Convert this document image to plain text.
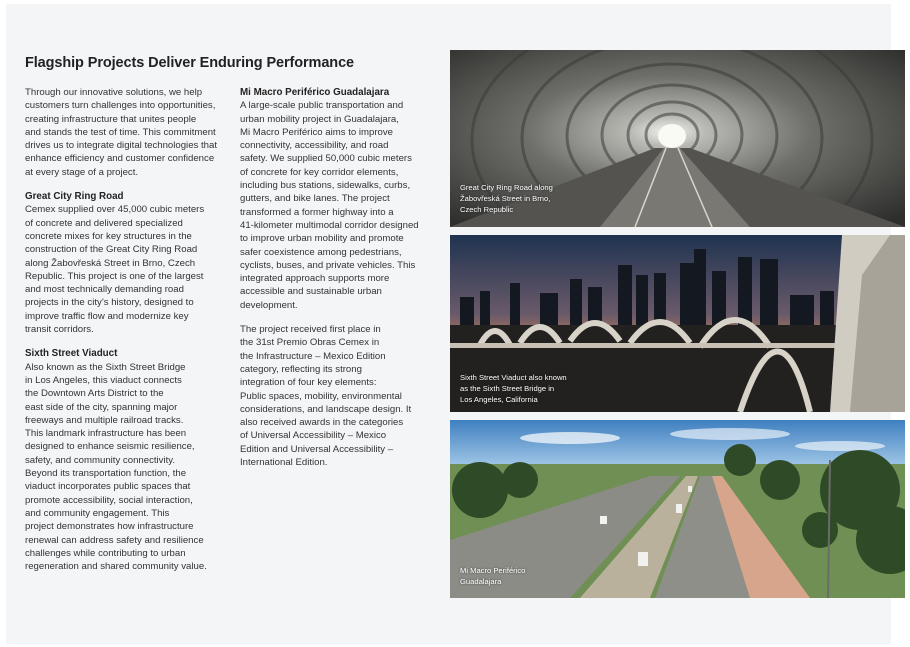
Flagship Projects Deliver Enduring Performance

Through our innovative solutions, we help
customers turn challenges into opportunities,
creating infrastructure that unites people
and stands the test of time. This commitment
drives us to integrate digital technologies that
enhance efficiency and customer confidence
at every stage of a project.

Great City Ring Road

Cemex supplied over 45,000 cubic meters
of concrete and delivered specialized
concrete mixes for key structures in the
construction of the Great City Ring Road
along Žabovřeská Street in Brno, Czech
Republic. This project is one of the largest
and most technically demanding road
projects in the city’s history, designed to
improve traffic flow and modernize key
transit corridors.

Sixth Street Viaduct

Also known as the Sixth Street Bridge
in Los Angeles, this viaduct connects
the Downtown Arts District to the
east side of the city, spanning major
freeways and multiple railroad tracks.
This landmark infrastructure has been
designed to enhance seismic resilience,
safety, and community connectivity.
Beyond its transportation function, the
viaduct incorporates public spaces that
promote accessibility, social interaction,
and community engagement. This
project demonstrates how infrastructure
renewal can address safety and resilience
challenges while contributing to urban
regeneration and shared community value.

Mi Macro Periférico Guadalajara

A large-scale public transportation and
urban mobility project in Guadalajara,
Mi Macro Periférico aims to improve
connectivity, accessibility, and road
safety. We supplied 50,000 cubic meters
of concrete for key corridor elements,
including bus stations, sidewalks, curbs,
gutters, and bike lanes. The project
transformed a former highway into a
41-kilometer multimodal corridor designed
to improve urban mobility and promote
safer coexistence among pedestrians,
cyclists, buses, and private vehicles. This
integrated approach supports more
accessible and sustainable urban
development.

The project received first place in
the 31st Premio Obras Cemex in
the Infrastructure – Mexico Edition
category, reflecting its strong
integration of four key elements:
Public spaces, mobility, environmental
considerations, and landscape design. It
also received awards in the categories
of Universal Accessibility – Mexico
Edition and Universal Accessibility –
International Edition.

Great City Ring Road along
Žabovřeská Street in Brno,
Czech Republic
Sixth Street Viaduct also known
as the Sixth Street Bridge in
Los Angeles, California
Mi Macro Periférico
Guadalajara
